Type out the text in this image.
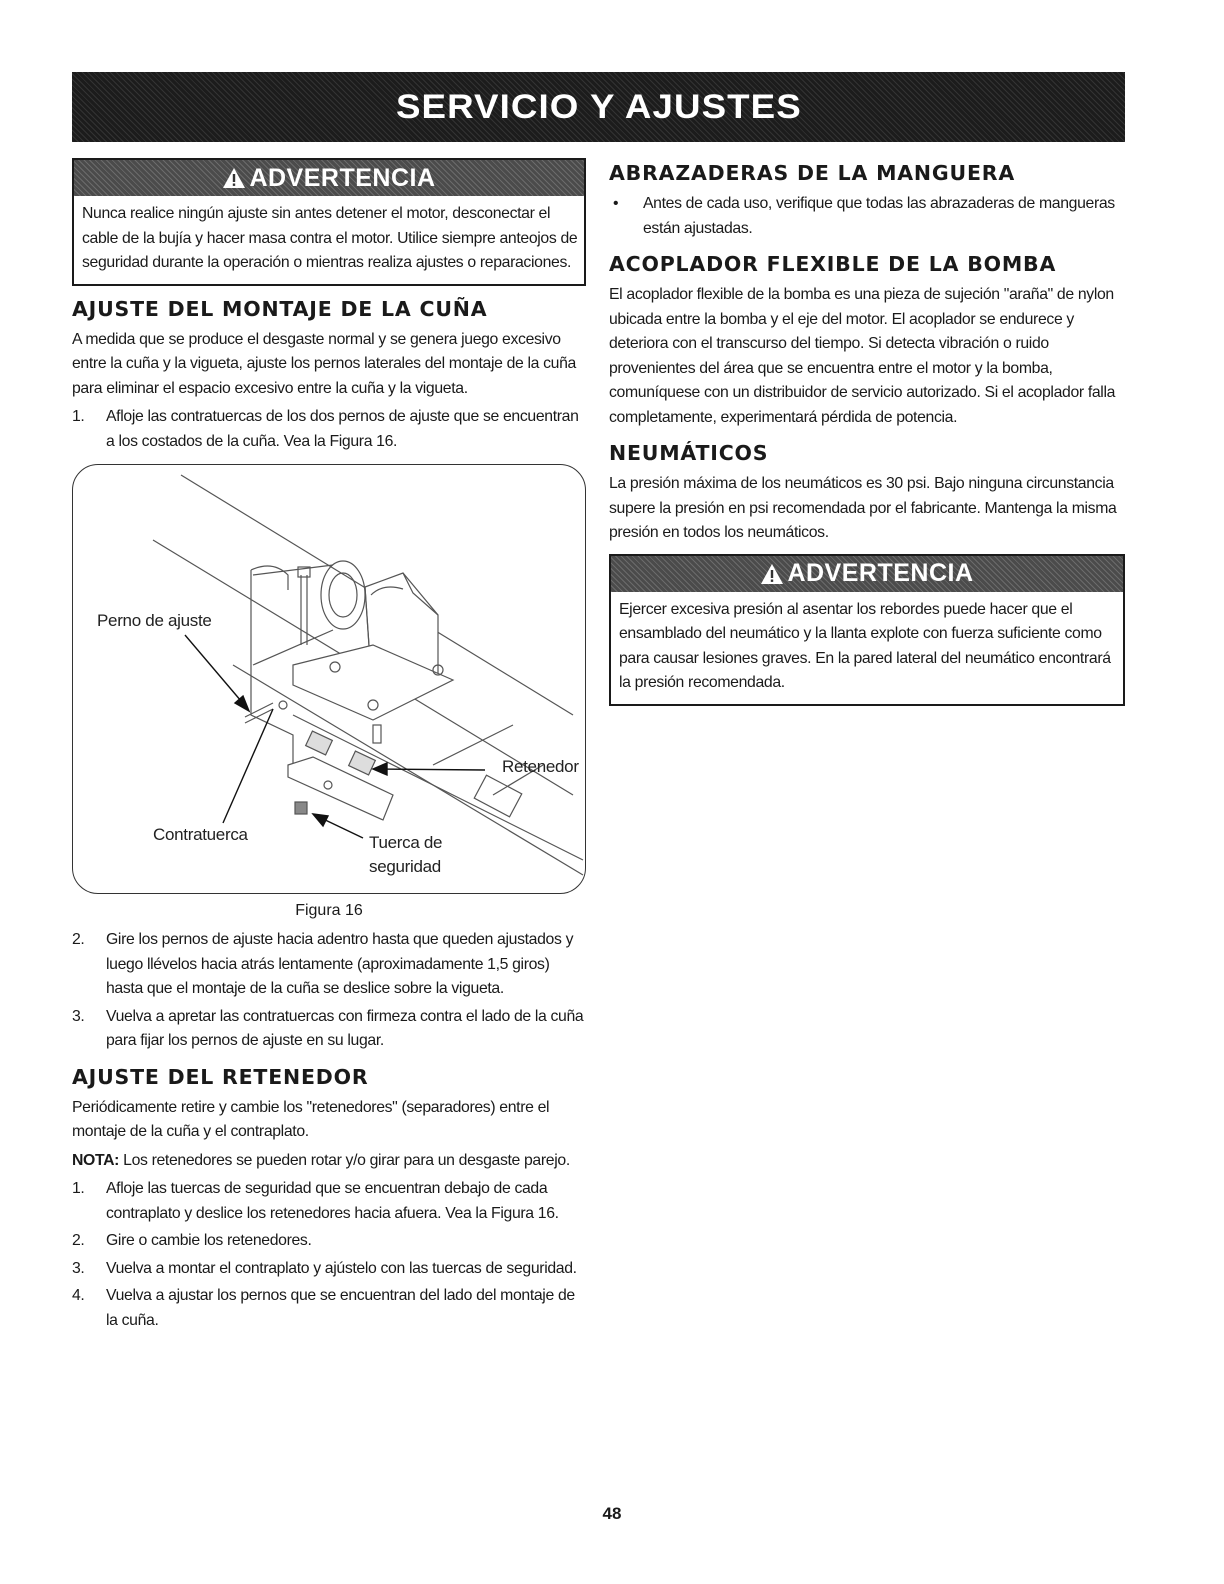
SERVICIO Y AJUSTES
ADVERTENCIA
Nunca realice ningún ajuste sin antes detener el motor, desconectar el cable de la bujía y hacer masa contra el motor. Utilice siempre anteojos de seguridad durante la operación o mientras realiza ajustes o reparaciones.
AJUSTE DEL MONTAJE DE LA CUÑA

A medida que se produce el desgaste normal y se genera juego excesivo entre la cuña y la vigueta, ajuste los pernos laterales del montaje de la cuña para eliminar el espacio excesivo entre la cuña y la vigueta.

1. Afloje las contratuercas de los dos pernos de ajuste que se encuentran a los costados de la cuña. Vea la Figura 16.
Perno de ajuste
Retenedor
Contratuerca	Tuerca de
seguridad
Figura 16
2. Gire los pernos de ajuste hacia adentro hasta que queden ajustados y luego llévelos hacia atrás lentamente (aproximadamente 1,5 giros) hasta que el montaje de la cuña se deslice sobre la vigueta.
3. Vuelva a apretar las contratuercas con firmeza contra el lado de la cuña para fijar los pernos de ajuste en su lugar.
AJUSTE DEL RETENEDOR

Periódicamente retire y cambie los "retenedores" (separadores) entre el montaje de la cuña y el contraplato.

NOTA: Los retenedores se pueden rotar y/o girar para un desgaste parejo.

1. Afloje las tuercas de seguridad que se encuentran debajo de cada contraplato y deslice los retenedores hacia afuera. Vea la Figura 16.
2. Gire o cambie los retenedores.
3. Vuelva a montar el contraplato y ajústelo con las tuercas de seguridad.
4. Vuelva a ajustar los pernos que se encuentran del lado del montaje de la cuña.
ABRAZADERAS DE LA MANGUERA
• Antes de cada uso, verifique que todas las abrazaderas de mangueras están ajustadas.
ACOPLADOR FLEXIBLE DE LA BOMBA

El acoplador flexible de la bomba es una pieza de sujeción "araña" de nylon ubicada entre la bomba y el eje del motor. El acoplador se endurece y deteriora con el transcurso del tiempo. Si detecta vibración o ruido provenientes del área que se encuentra entre el motor y la bomba, comuníquese con un distribuidor de servicio autorizado. Si el acoplador falla completamente, experimentará pérdida de potencia.

NEUMÁTICOS

La presión máxima de los neumáticos es 30 psi. Bajo ninguna circunstancia supere la presión en psi recomendada por el fabricante. Mantenga la misma presión en todos los neumáticos.

ADVERTENCIA
Ejercer excesiva presión al asentar los rebordes puede hacer que el ensamblado del neumático y la llanta explote con fuerza suficiente como para causar lesiones graves. En la pared lateral del neumático encontrará la presión recomendada.
48
